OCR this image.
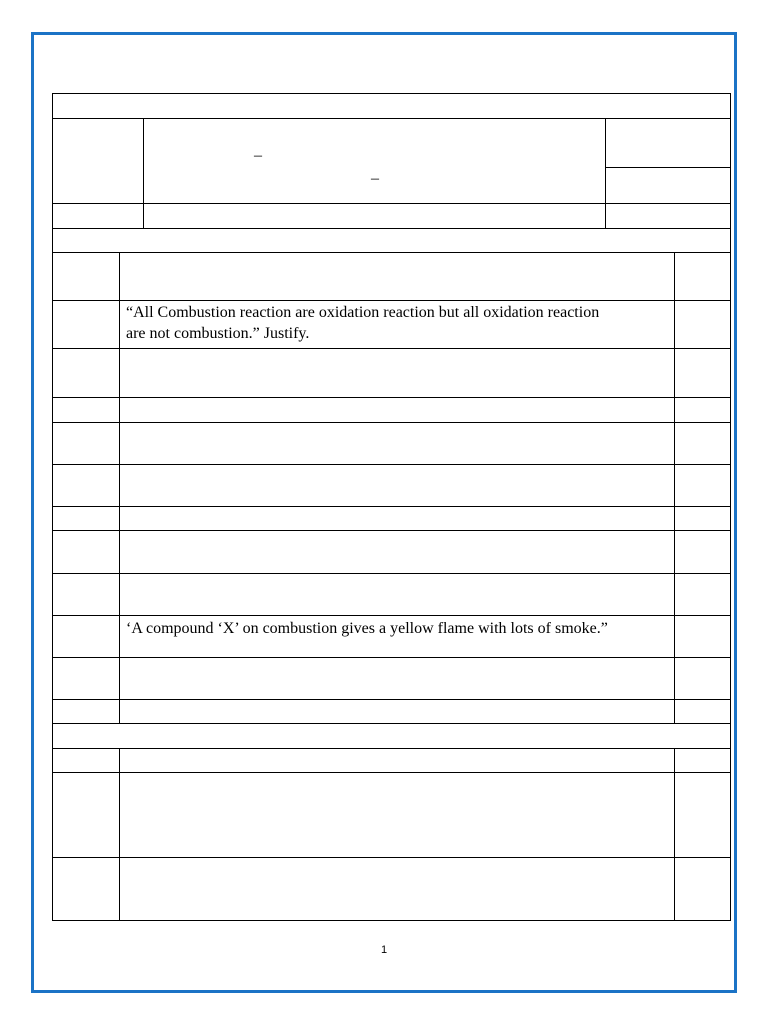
–
–
“All Combustion reaction are oxidation reaction but all oxidation reaction
are not combustion.” Justify.
‘A compound ‘X’ on combustion gives a yellow flame with lots of smoke.”
1
